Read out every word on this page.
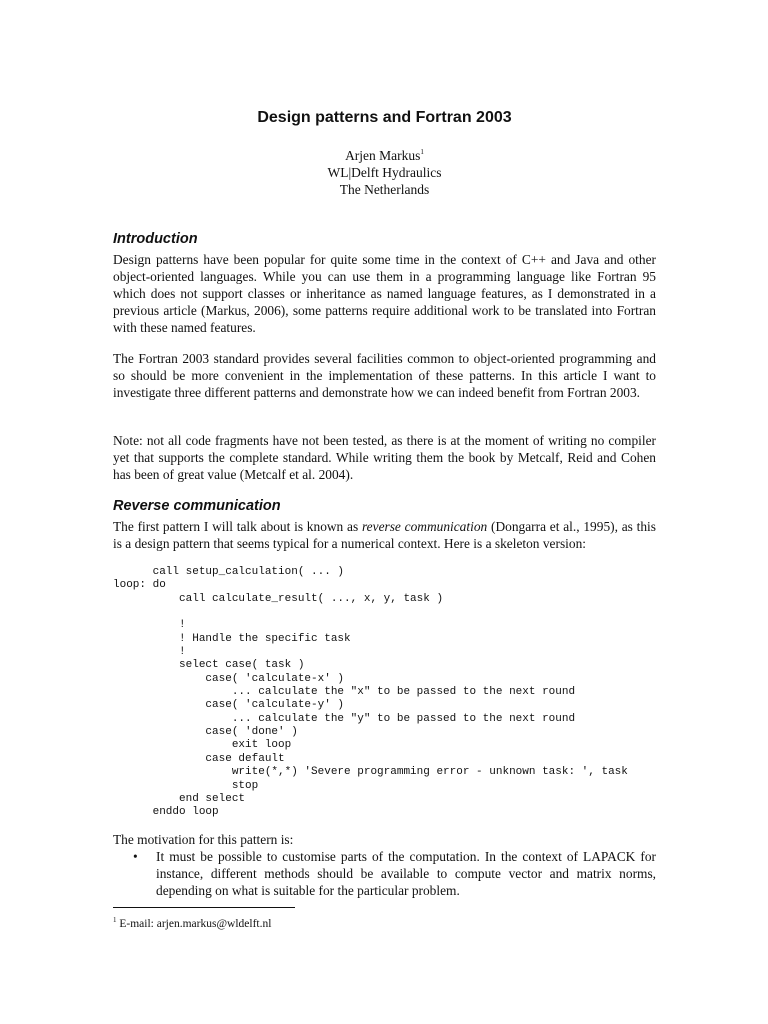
Design patterns and Fortran 2003
Arjen Markus$^1$
WL|Delft Hydraulics
The Netherlands
Introduction
Design patterns have been popular for quite some time in the context of C++ and Java and other object-oriented languages. While you can use them in a programming language like Fortran 95 which does not support classes or inheritance as named language features, as I demonstrated in a previous article (Markus, 2006), some patterns require additional work to be translated into Fortran with these named features.
The Fortran 2003 standard provides several facilities common to object-oriented programming and so should be more convenient in the implementation of these patterns. In this article I want to investigate three different patterns and demonstrate how we can indeed benefit from Fortran 2003.
Note: not all code fragments have not been tested, as there is at the moment of writing no compiler yet that supports the complete standard. While writing them the book by Metcalf, Reid and Cohen has been of great value (Metcalf et al. 2004).
Reverse communication
The first pattern I will talk about is known as reverse communication (Dongarra et al., 1995), as this is a design pattern that seems typical for a numerical context. Here is a skeleton version:
call setup_calculation( ... )
loop: do
call calculate_result( ..., x, y, task )

!
! Handle the specific task
!
select case( task )
case( 'calculate-x' )
... calculate the "x" to be passed to the next round
case( 'calculate-y' )
... calculate the "y" to be passed to the next round
case( 'done' )
exit loop
case default
write(*,*) 'Severe programming error - unknown task: ', task
stop
end select
enddo loop
The motivation for this pattern is:
• It must be possible to customise parts of the computation. In the context of LAPACK for instance, different methods should be available to compute vector and matrix norms, depending on what is suitable for the particular problem.
$^1$ E-mail: arjen.markus@wldelft.nl
